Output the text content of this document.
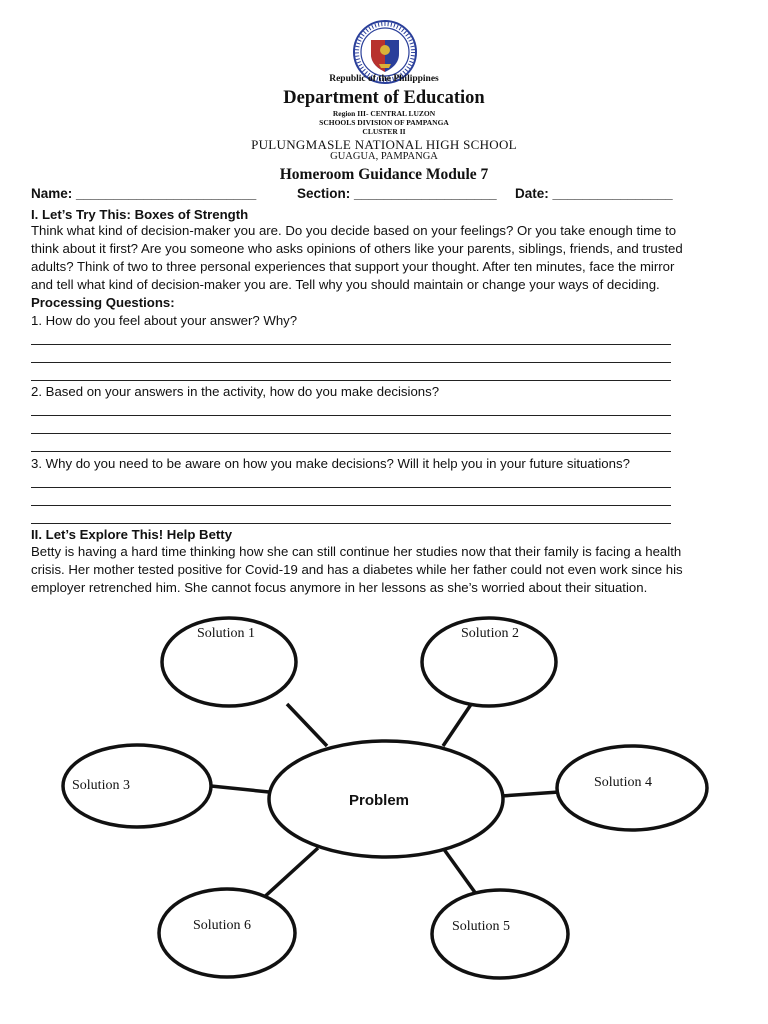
Republic of the Philippines
Department of Education
Region III- CENTRAL LUZON
SCHOOLS DIVISION OF PAMPANGA
CLUSTER II
PULUNGMASLE NATIONAL HIGH SCHOOL
GUAGUA, PAMPANGA
Homeroom Guidance Module 7
Name: ________________________	Section: ___________________ Date: ________________
I. Let’s Try This: Boxes of Strength
Think what kind of decision-maker you are. Do you decide based on your feelings? Or you take enough time to
think about it first? Are you someone who asks opinions of others like your parents, siblings, friends, and trusted
adults? Think of two to three personal experiences that support your thought. After ten minutes, face the mirror
and tell what kind of decision-maker you are. Tell why you should maintain or change your ways of deciding.
Processing Questions:
1. How do you feel about your answer? Why?
2. Based on your answers in the activity, how do you make decisions?
3. Why do you need to be aware on how you make decisions? Will it help you in your future situations?
II. Let’s Explore This! Help Betty
Betty is having a hard time thinking how she can still continue her studies now that their family is facing a health
crisis. Her mother tested positive for Covid-19 and has a diabetes while her father could not even work since his
employer retrenched him. She cannot focus anymore in her lessons as she’s worried about their situation.
Problem
Solution 1	Solution 2
Solution 3	Solution 4
Solution 5
Solution 6
